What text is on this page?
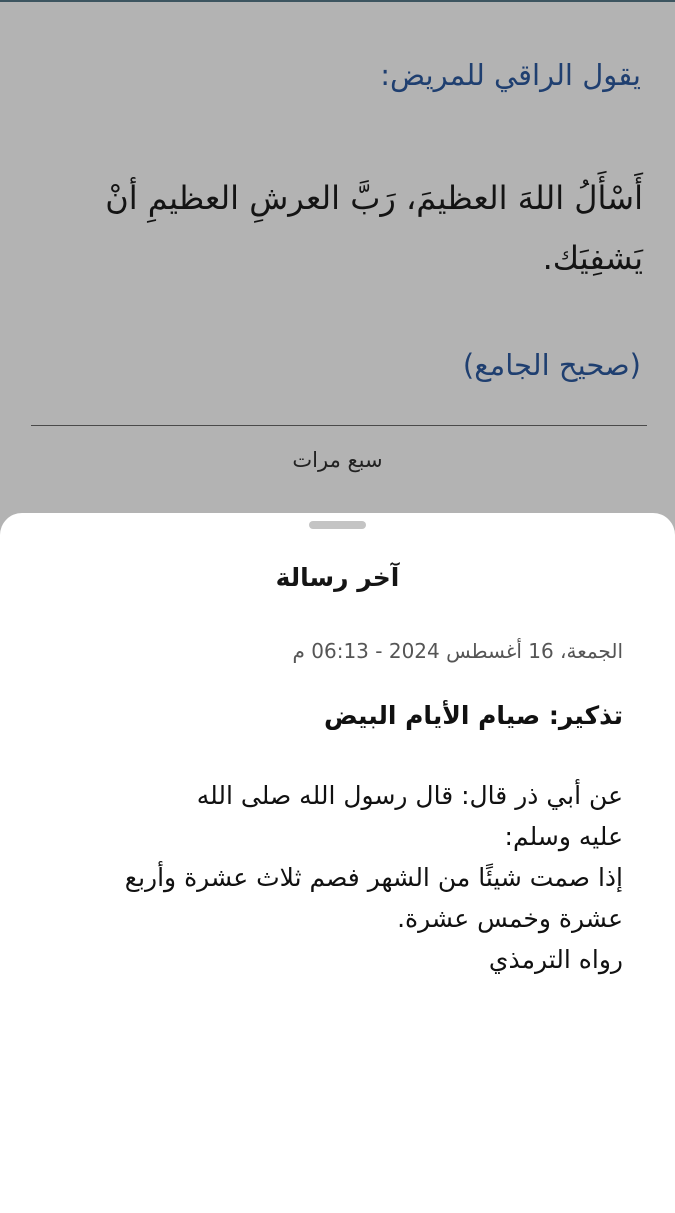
يقول الراقي للمريض:
أَسْأَلُ اللهَ العظيمَ، رَبَّ العرشِ العظيمِ أنْ يَشفِيَك.
(صحيح الجامع)
سبع مرات
آخر رسالة
الجمعة، 16 أغسطس 2024 - 06:13 م
تذكير: صيام الأيام البيض
عن أبي ذر قال: قال رسول الله صلى الله
عليه وسلم:
إذا صمت شيئًا من الشهر فصم ثلاث عشرة وأربع
عشرة وخمس عشرة.
رواه الترمذي
